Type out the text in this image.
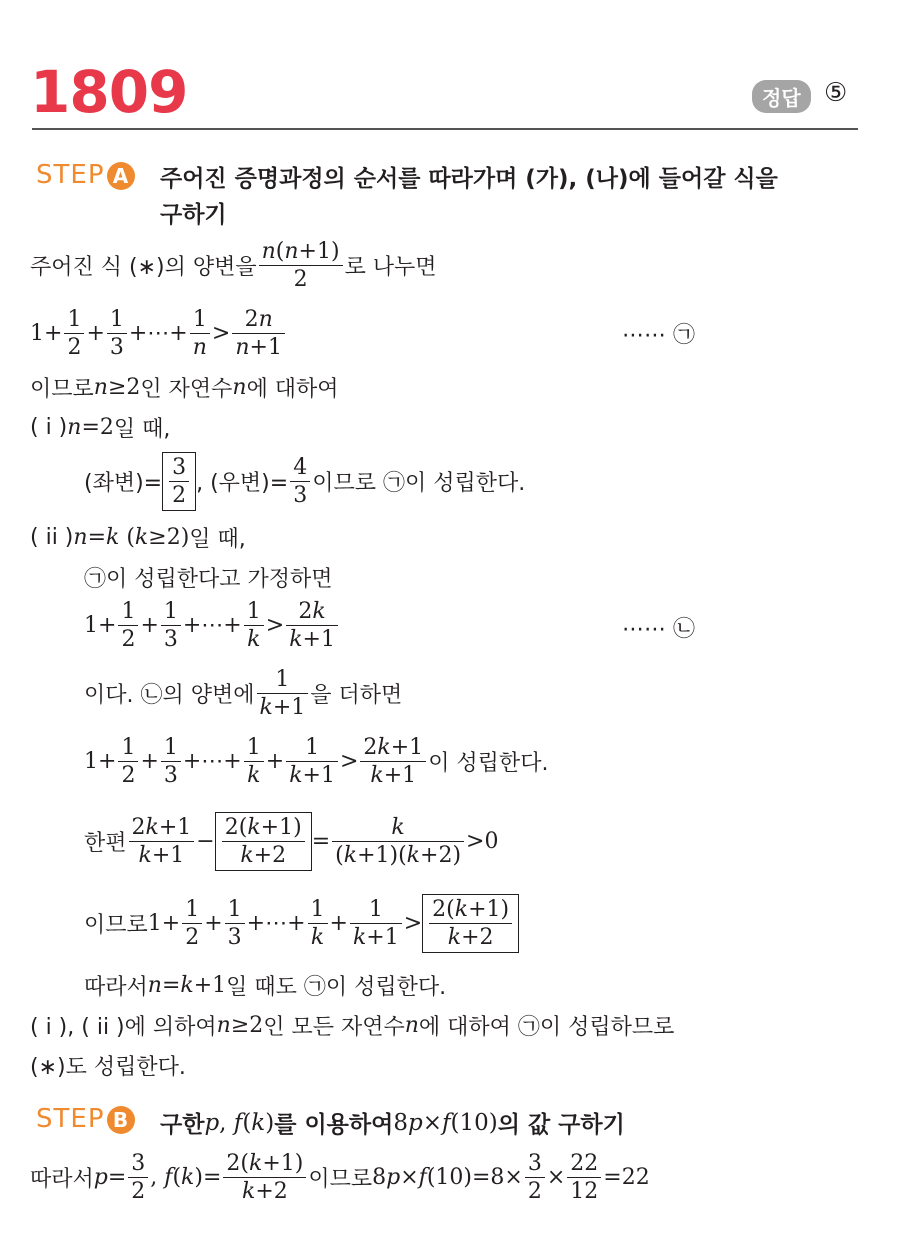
1809	정답 ⑤
STEP A 주어진 증명과정의 순서를 따라가며 (가), (나)에 들어갈 식을
구하기
주어진 식 (∗)의 양변을 $\frac{n(n+1)}{2}$ 로 나누면
$1+ \frac{1}{2} + \frac{1}{3}$ +⋯+ $\frac{1}{n} > \frac{2n}{n+1}$	⋯⋯ ㉠
이므로 n≥2 인 자연수 n 에 대하여
( i ) n=2 일 때,
(좌변)= $\frac{3}{2}$ , (우변)= $\frac{4}{3}$ 이므로 ㉠이 성립한다.
( ii ) n=k (k≥2) 일 때,
㉠이 성립한다고 가정하면
$1+ \frac{1}{2} + \frac{1}{3}$ +⋯+ $\frac{1}{k} > \frac{2k}{k+1}$	⋯⋯ ㉡
이다. ㉡의 양변에 $\frac{1}{k+1}$ 을 더하면
$1+ \frac{1}{2} + \frac{1}{3}$ +⋯+ $\frac{1}{k} + \frac{1}{k+1} > \frac{2k+1}{k+1}$ 이 성립한다.
한편 $\frac{2k+1}{k+1} - \frac{2(k+1)}{k+2} = \frac{k}{(k+1)(k+2)} >0$
이므로 $1+ \frac{1}{2} + \frac{1}{3}$ +⋯+ $\frac{1}{k} + \frac{1}{k+1} > \frac{2(k+1)}{k+2}$
따라서 n=k+1 일 때도 ㉠이 성립한다.
( i ), ( ii )에 의하여 n≥2 인 모든 자연수 n 에 대하여 ㉠이 성립하므로
(∗)도 성립한다.
STEP B 구한 p, f(k) 를 이용하여 8p×f(10) 의 값 구하기
따라서 $p= \frac{3}{2}$ , $f(k)= \frac{2(k+1)}{k+2}$ 이므로 $8p\times f(10)=8\times \frac{3}{2} \times \frac{22}{12} =22$
